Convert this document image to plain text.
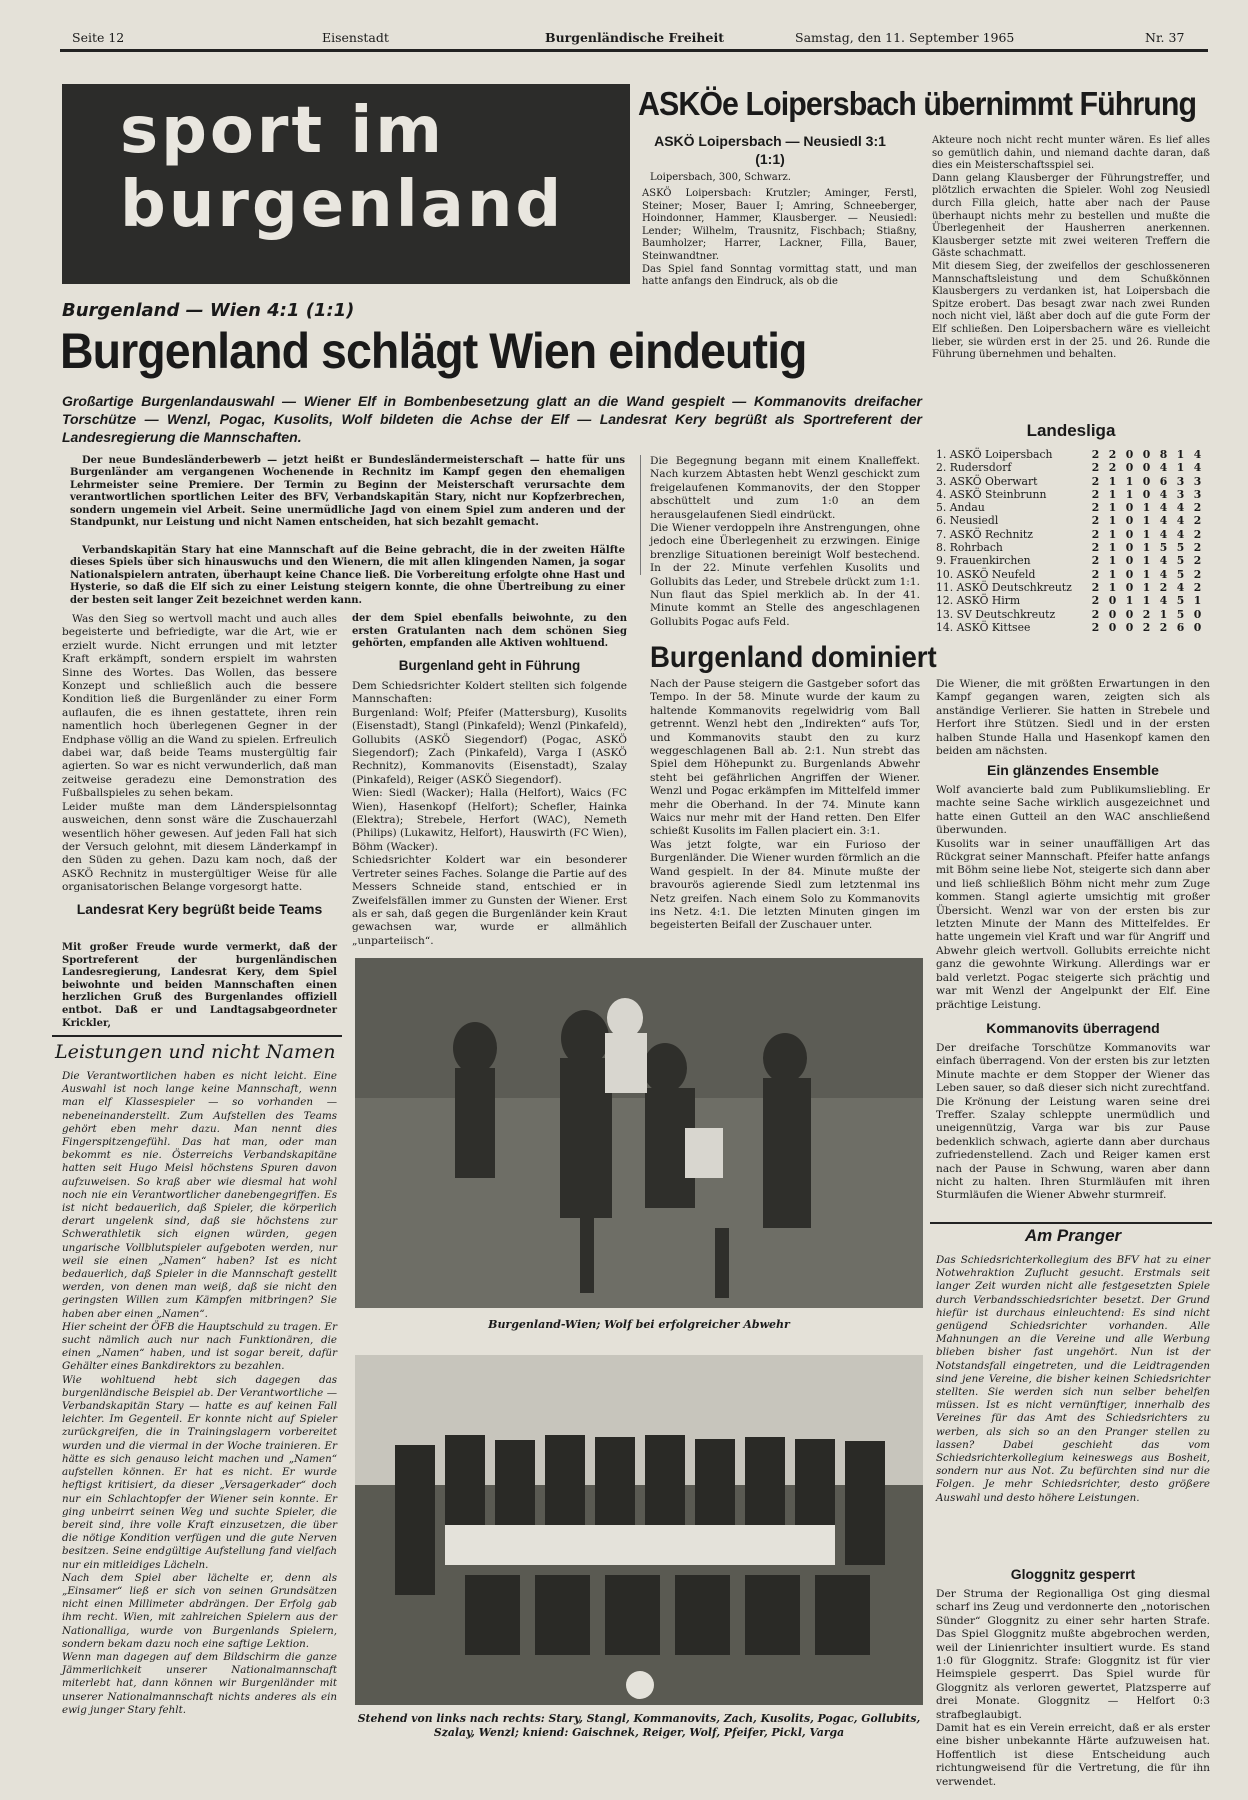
Seite 12	Eisenstadt	Burgenländische Freiheit	Samstag, den 11. September 1965	Nr. 37
sport im
burgenland
ASKÖe Loipersbach übernimmt Führung
ASKÖ Loipersbach — Neusiedl 3:1 (1:1)
Loipersbach, 300, Schwarz.
ASKÖ Loipersbach: Krutzler; Aminger, Ferstl, Steiner; Moser, Bauer I; Amring, Schneeberger, Hoindonner, Hammer, Klausberger. — Neusiedl: Lender; Wilhelm, Trausnitz, Fischbach; Stiaßny, Baumholzer; Harrer, Lackner, Filla, Bauer, Steinwandtner.
Das Spiel fand Sonntag vormittag statt, und man hatte anfangs den Eindruck, als ob die
Akteure noch nicht recht munter wären. Es lief alles so gemütlich dahin, und niemand dachte daran, daß dies ein Meisterschaftsspiel sei.
Dann gelang Klausberger der Führungstreffer, und plötzlich erwachten die Spieler. Wohl zog Neusiedl durch Filla gleich, hatte aber nach der Pause überhaupt nichts mehr zu bestellen und mußte die Überlegenheit der Hausherren anerkennen. Klausberger setzte mit zwei weiteren Treffern die Gäste schachmatt.
Mit diesem Sieg, der zweifellos der geschlosseneren Mannschaftsleistung und dem Schußkönnen Klausbergers zu verdanken ist, hat Loipersbach die Spitze erobert. Das besagt zwar nach zwei Runden noch nicht viel, läßt aber doch auf die gute Form der Elf schließen. Den Loipersbachern wäre es vielleicht lieber, sie würden erst in der 25. und 26. Runde die Führung übernehmen und behalten.
Landesliga
1. ASKÖ Loipersbach	2 2 0 0 8 1 4
2. Rudersdorf	2 2 0 0 4 1 4
3. ASKÖ Oberwart	2 1 1 0 6 3 3
4. ASKÖ Steinbrunn	2 1 1 0 4 3 3
5. Andau	2 1 0 1 4 4 2
6. Neusiedl	2 1 0 1 4 4 2
7. ASKÖ Rechnitz	2 1 0 1 4 4 2
8. Rohrbach	2 1 0 1 5 5 2
9. Frauenkirchen	2 1 0 1 4 5 2
10. ASKÖ Neufeld	2 1 0 1 4 5 2
11. ASKÖ Deutschkreutz	2 1 0 1 2 4 2
12. ASKÖ Hirm	2 0 1 1 4 5 1
13. SV Deutschkreutz	2 0 0 2 1 5 0
14. ASKÖ Kittsee	2 0 0 2 2 6 0
Burgenland — Wien 4:1 (1:1)
Burgenland schlägt Wien eindeutig
Großartige Burgenlandauswahl — Wiener Elf in Bombenbesetzung glatt an die Wand gespielt — Kommanovits dreifacher Torschütze — Wenzl, Pogac, Kusolits, Wolf bildeten die Achse der Elf — Landesrat Kery begrüßt als Sportreferent der Landesregierung die Mannschaften.
Der neue Bundesländerbewerb — jetzt heißt er Bundesländermeisterschaft — hatte für uns Burgenländer am vergangenen Wochenende in Rechnitz im Kampf gegen den ehemaligen Lehrmeister seine Premiere. Der Termin zu Beginn der Meisterschaft verursachte dem verantwortlichen sportlichen Leiter des BFV, Verbandskapitän Stary, nicht nur Kopfzerbrechen, sondern ungemein viel Arbeit. Seine unermüdliche Jagd von einem Spiel zum anderen und der Standpunkt, nur Leistung und nicht Namen entscheiden, hat sich bezahlt gemacht.
Verbandskapitän Stary hat eine Mannschaft auf die Beine gebracht, die in der zweiten Hälfte dieses Spiels über sich hinauswuchs und den Wienern, die mit allen klingenden Namen, ja sogar Nationalspielern antraten, überhaupt keine Chance ließ. Die Vorbereitung erfolgte ohne Hast und Hysterie, so daß die Elf sich zu einer Leistung steigern konnte, die ohne Übertreibung zu einer der besten seit langer Zeit bezeichnet werden kann.
Die Begegnung begann mit einem Knalleffekt. Nach kurzem Abtasten hebt Wenzl geschickt zum freigelaufenen Kommanovits, der den Stopper abschüttelt und zum 1:0 an dem herausgelaufenen Siedl eindrückt.
Die Wiener verdoppeln ihre Anstrengungen, ohne jedoch eine Überlegenheit zu erzwingen. Einige brenzlige Situationen bereinigt Wolf bestechend. In der 22. Minute verfehlen Kusolits und Gollubits das Leder, und Strebele drückt zum 1:1. Nun flaut das Spiel merklich ab. In der 41. Minute kommt an Stelle des angeschlagenen Gollubits Pogac aufs Feld.
Was den Sieg so wertvoll macht und auch alles begeisterte und befriedigte, war die Art, wie er erzielt wurde. Nicht errungen und mit letzter Kraft erkämpft, sondern erspielt im wahrsten Sinne des Wortes. Das Wollen, das bessere Konzept und schließlich auch die bessere Kondition ließ die Burgenländer zu einer Form auflaufen, die es ihnen gestattete, ihren rein namentlich hoch überlegenen Gegner in der Endphase völlig an die Wand zu spielen. Erfreulich dabei war, daß beide Teams mustergültig fair agierten. So war es nicht verwunderlich, daß man zeitweise geradezu eine Demonstration des Fußballspieles zu sehen bekam.
Leider mußte man dem Länderspielsonntag ausweichen, denn sonst wäre die Zuschauerzahl wesentlich höher gewesen. Auf jeden Fall hat sich der Versuch gelohnt, mit diesem Länderkampf in den Süden zu gehen. Dazu kam noch, daß der ASKÖ Rechnitz in mustergültiger Weise für alle organisatorischen Belange vorgesorgt hatte.
Landesrat Kery begrüßt beide Teams
Mit großer Freude wurde vermerkt, daß der Sportreferent der burgenländischen Landesregierung, Landesrat Kery, dem Spiel beiwohnte und beiden Mannschaften einen herzlichen Gruß des Burgenlandes offiziell entbot. Daß er und Landtagsabgeordneter Krickler,
Leistungen und nicht Namen
Die Verantwortlichen haben es nicht leicht. Eine Auswahl ist noch lange keine Mannschaft, wenn man elf Klassespieler — so vorhanden — nebeneinanderstellt. Zum Aufstellen des Teams gehört eben mehr dazu. Man nennt dies Fingerspitzengefühl. Das hat man, oder man bekommt es nie. Österreichs Verbandskapitäne hatten seit Hugo Meisl höchstens Spuren davon aufzuweisen. So kraß aber wie diesmal hat wohl noch nie ein Verantwortlicher danebengegriffen. Es ist nicht bedauerlich, daß Spieler, die körperlich derart ungelenk sind, daß sie höchstens zur Schwerathletik sich eignen würden, gegen ungarische Vollblutspieler aufgeboten werden, nur weil sie einen „Namen“ haben? Ist es nicht bedauerlich, daß Spieler in die Mannschaft gestellt werden, von denen man weiß, daß sie nicht den geringsten Willen zum Kämpfen mitbringen? Sie haben aber einen „Namen“.
Hier scheint der ÖFB die Hauptschuld zu tragen. Er sucht nämlich auch nur nach Funktionären, die einen „Namen“ haben, und ist sogar bereit, dafür Gehälter eines Bankdirektors zu bezahlen.
Wie wohltuend hebt sich dagegen das burgenländische Beispiel ab. Der Verantwortliche — Verbandskapitän Stary — hatte es auf keinen Fall leichter. Im Gegenteil. Er konnte nicht auf Spieler zurückgreifen, die in Trainingslagern vorbereitet wurden und die viermal in der Woche trainieren. Er hätte es sich genauso leicht machen und „Namen“ aufstellen können. Er hat es nicht. Er wurde heftigst kritisiert, da dieser „Versagerkader“ doch nur ein Schlachtopfer der Wiener sein konnte. Er ging unbeirrt seinen Weg und suchte Spieler, die bereit sind, ihre volle Kraft einzusetzen, die über die nötige Kondition verfügen und die gute Nerven besitzen. Seine endgültige Aufstellung fand vielfach nur ein mitleidiges Lächeln.
Nach dem Spiel aber lächelte er, denn als „Einsamer“ ließ er sich von seinen Grundsätzen nicht einen Millimeter abdrängen. Der Erfolg gab ihm recht. Wien, mit zahlreichen Spielern aus der Nationalliga, wurde von Burgenlands Spielern, sondern bekam dazu noch eine saftige Lektion.
Wenn man dagegen auf dem Bildschirm die ganze Jämmerlichkeit unserer Nationalmannschaft miterlebt hat, dann können wir Burgenländer mit unserer Nationalmannschaft nichts anderes als ein ewig junger Stary fehlt.
der dem Spiel ebenfalls beiwohnte, zu den ersten Gratulanten nach dem schönen Sieg gehörten, empfanden alle Aktiven wohltuend.
Burgenland geht in Führung
Dem Schiedsrichter Koldert stellten sich folgende Mannschaften:
Burgenland: Wolf; Pfeifer (Mattersburg), Kusolits (Eisenstadt), Stangl (Pinkafeld); Wenzl (Pinkafeld), Gollubits (ASKÖ Siegendorf) (Pogac, ASKÖ Siegendorf); Zach (Pinkafeld), Varga I (ASKÖ Rechnitz), Kommanovits (Eisenstadt), Szalay (Pinkafeld), Reiger (ASKÖ Siegendorf).
Wien: Siedl (Wacker); Halla (Helfort), Waics (FC Wien), Hasenkopf (Helfort); Schefler, Hainka (Elektra); Strebele, Herfort (WAC), Nemeth (Philips) (Lukawitz, Helfort), Hauswirth (FC Wien), Böhm (Wacker).
Schiedsrichter Koldert war ein besonderer Vertreter seines Faches. Solange die Partie auf des Messers Schneide stand, entschied er in Zweifelsfällen immer zu Gunsten der Wiener. Erst als er sah, daß gegen die Burgenländer kein Kraut gewachsen war, wurde er allmählich „unparteiisch“.
Burgenland dominiert
Nach der Pause steigern die Gastgeber sofort das Tempo. In der 58. Minute wurde der kaum zu haltende Kommanovits regelwidrig vom Ball getrennt. Wenzl hebt den „Indirekten“ aufs Tor, und Kommanovits staubt den zu kurz weggeschlagenen Ball ab. 2:1. Nun strebt das Spiel dem Höhepunkt zu. Burgenlands Abwehr steht bei gefährlichen Angriffen der Wiener. Wenzl und Pogac erkämpfen im Mittelfeld immer mehr die Oberhand. In der 74. Minute kann Waics nur mehr mit der Hand retten. Den Elfer schießt Kusolits im Fallen placiert ein. 3:1.
Was jetzt folgte, war ein Furioso der Burgenländer. Die Wiener wurden förmlich an die Wand gespielt. In der 84. Minute mußte der bravourös agierende Siedl zum letztenmal ins Netz greifen. Nach einem Solo zu Kommanovits ins Netz. 4:1. Die letzten Minuten gingen im begeisterten Beifall der Zuschauer unter.
Die Wiener, die mit größten Erwartungen in den Kampf gegangen waren, zeigten sich als anständige Verlierer. Sie hatten in Strebele und Herfort ihre Stützen. Siedl und in der ersten halben Stunde Halla und Hasenkopf kamen den beiden am nächsten.
Ein glänzendes Ensemble
Wolf avancierte bald zum Publikumsliebling. Er machte seine Sache wirklich ausgezeichnet und hatte einen Gutteil an den WAC anschließend überwunden.
Kusolits war in seiner unauffälligen Art das Rückgrat seiner Mannschaft. Pfeifer hatte anfangs mit Böhm seine liebe Not, steigerte sich dann aber und ließ schließlich Böhm nicht mehr zum Zuge kommen. Stangl agierte umsichtig mit großer Übersicht. Wenzl war von der ersten bis zur letzten Minute der Mann des Mittelfeldes. Er hatte ungemein viel Kraft und war für Angriff und Abwehr gleich wertvoll. Gollubits erreichte nicht ganz die gewohnte Wirkung. Allerdings war er bald verletzt. Pogac steigerte sich prächtig und war mit Wenzl der Angelpunkt der Elf. Eine prächtige Leistung.
Kommanovits überragend
Der dreifache Torschütze Kommanovits war einfach überragend. Von der ersten bis zur letzten Minute machte er dem Stopper der Wiener das Leben sauer, so daß dieser sich nicht zurechtfand. Die Krönung der Leistung waren seine drei Treffer. Szalay schleppte unermüdlich und uneigennützig, Varga war bis zur Pause bedenklich schwach, agierte dann aber durchaus zufriedenstellend. Zach und Reiger kamen erst nach der Pause in Schwung, waren aber dann nicht zu halten. Ihren Sturmläufen mit ihren Sturmläufen die Wiener Abwehr sturmreif.
Am Pranger
Das Schiedsrichterkollegium des BFV hat zu einer Notwehraktion Zuflucht gesucht. Erstmals seit langer Zeit wurden nicht alle festgesetzten Spiele durch Verbandsschiedsrichter besetzt. Der Grund hiefür ist durchaus einleuchtend: Es sind nicht genügend Schiedsrichter vorhanden. Alle Mahnungen an die Vereine und alle Werbung blieben bisher fast ungehört. Nun ist der Notstandsfall eingetreten, und die Leidtragenden sind jene Vereine, die bisher keinen Schiedsrichter stellten. Sie werden sich nun selber behelfen müssen. Ist es nicht vernünftiger, innerhalb des Vereines für das Amt des Schiedsrichters zu werben, als sich so an den Pranger stellen zu lassen? Dabei geschieht das vom Schiedsrichterkollegium keineswegs aus Bosheit, sondern nur aus Not. Zu befürchten sind nur die Folgen. Je mehr Schiedsrichter, desto größere Auswahl und desto höhere Leistungen.
Gloggnitz gesperrt
Der Struma der Regionalliga Ost ging diesmal scharf ins Zeug und verdonnerte den „notorischen Sünder“ Gloggnitz zu einer sehr harten Strafe. Das Spiel Gloggnitz mußte abgebrochen werden, weil der Linienrichter insultiert wurde. Es stand 1:0 für Gloggnitz. Strafe: Gloggnitz ist für vier Heimspiele gesperrt. Das Spiel wurde für Gloggnitz als verloren gewertet, Platzsperre auf drei Monate. Gloggnitz — Helfort 0:3 strafbeglaubigt.
Damit hat es ein Verein erreicht, daß er als erster eine bisher unbekannte Härte aufzuweisen hat. Hoffentlich ist diese Entscheidung auch richtungweisend für die Vertretung, die für ihn verwendet.
Burgenland-Wien; Wolf bei erfolgreicher Abwehr
Stehend von links nach rechts: Stary, Stangl, Kommanovits, Zach, Kusolits, Pogac, Gollubits, Szalay, Wenzl; kniend: Gaischnek, Reiger, Wolf, Pfeifer, Pickl, Varga
